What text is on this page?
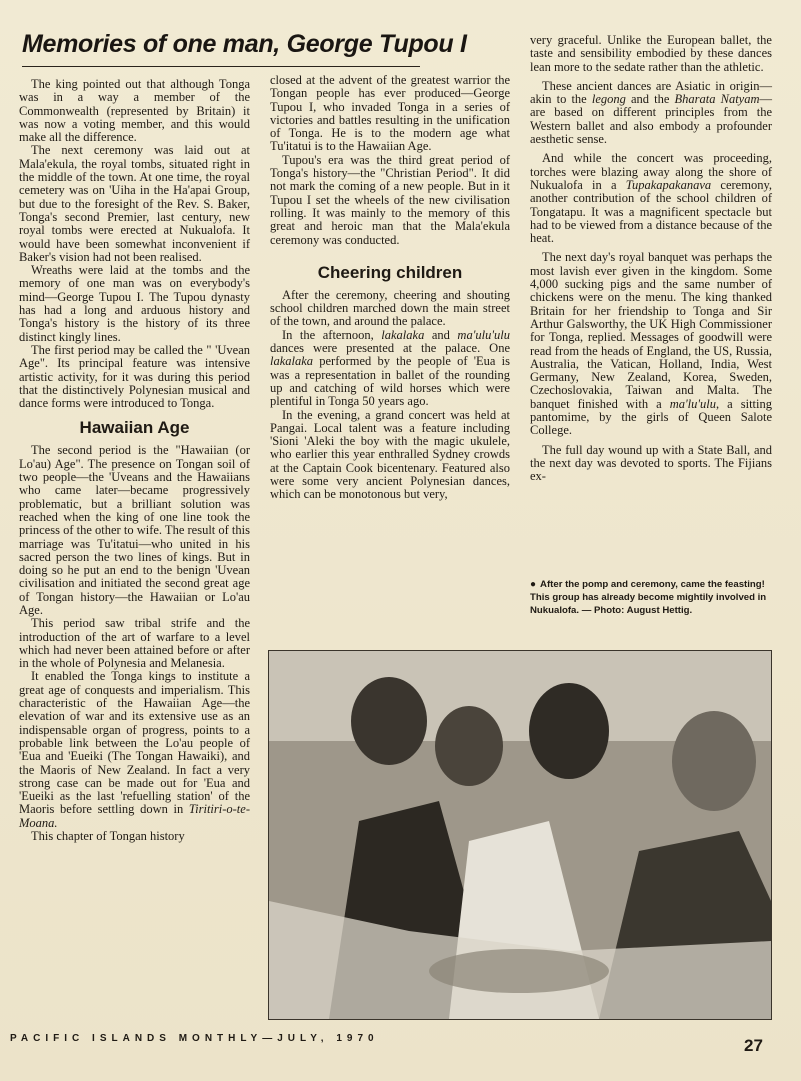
Memories of one man, George Tupou I

The king pointed out that although Tonga was in a way a member of the Commonwealth (represented by Britain) it was now a voting member, and this would make all the difference.

The next ceremony was laid out at Mala'ekula, the royal tombs, situated right in the middle of the town. At one time, the royal cemetery was on 'Uiha in the Ha'apai Group, but due to the foresight of the Rev. S. Baker, Tonga's second Premier, last century, new royal tombs were erected at Nukualofa. It would have been somewhat inconvenient if Baker's vision had not been realised.

Wreaths were laid at the tombs and the memory of one man was on everybody's mind—George Tupou I. The Tupou dynasty has had a long and arduous history and Tonga's history is the history of its three distinct kingly lines.

The first period may be called the " 'Uvean Age". Its principal feature was intensive artistic activity, for it was during this period that the distinctively Polynesian musical and dance forms were introduced to Tonga.

Hawaiian Age

The second period is the "Hawaiian (or Lo'au) Age". The presence on Tongan soil of two people—the 'Uveans and the Hawaiians who came later—became progressively problematic, but a brilliant solution was reached when the king of one line took the princess of the other to wife. The result of this marriage was Tu'itatui—who united in his sacred person the two lines of kings. But in doing so he put an end to the benign 'Uvean civilisation and initiated the second great age of Tongan history—the Hawaiian or Lo'au Age.

This period saw tribal strife and the introduction of the art of warfare to a level which had never been attained before or after in the whole of Polynesia and Melanesia.

It enabled the Tonga kings to institute a great age of conquests and imperialism. This characteristic of the Hawaiian Age—the elevation of war and its extensive use as an indispensable organ of progress, points to a probable link between the Lo'au people of 'Eua and 'Eueiki (The Tongan Hawaiki), and the Maoris of New Zealand. In fact a very strong case can be made out for 'Eua and 'Eueiki as the last 'refuelling station' of the Maoris before settling down in Tiritiri-o-te-Moana.

This chapter of Tongan history

closed at the advent of the greatest warrior the Tongan people has ever produced—George Tupou I, who invaded Tonga in a series of victories and battles resulting in the unification of Tonga. He is to the modern age what Tu'itatui is to the Hawaiian Age.

Tupou's era was the third great period of Tonga's history—the "Christian Period". It did not mark the coming of a new people. But in it Tupou I set the wheels of the new civilisation rolling. It was mainly to the memory of this great and heroic man that the Mala'ekula ceremony was conducted.

Cheering children

After the ceremony, cheering and shouting school children marched down the main street of the town, and around the palace.

In the afternoon, lakalaka and ma'ulu'ulu dances were presented at the palace. One lakalaka performed by the people of 'Eua is was a representation in ballet of the rounding up and catching of wild horses which were plentiful in Tonga 50 years ago.

In the evening, a grand concert was held at Pangai. Local talent was a feature including 'Sioni 'Aleki the boy with the magic ukulele, who earlier this year enthralled Sydney crowds at the Captain Cook bicentenary. Featured also were some very ancient Polynesian dances, which can be monotonous but very,

very graceful. Unlike the European ballet, the taste and sensibility embodied by these dances lean more to the sedate rather than the athletic.

These ancient dances are Asiatic in origin—akin to the legong and the Bharata Natyam—are based on different principles from the Western ballet and also embody a profounder aesthetic sense.

And while the concert was proceeding, torches were blazing away along the shore of Nukualofa in a Tupakapakanava ceremony, another contribution of the school children of Tongatapu. It was a magnificent spectacle but had to be viewed from a distance because of the heat.

The next day's royal banquet was perhaps the most lavish ever given in the kingdom. Some 4,000 sucking pigs and the same number of chickens were on the menu. The king thanked Britain for her friendship to Tonga and Sir Arthur Galsworthy, the UK High Commissioner for Tonga, replied. Messages of goodwill were read from the heads of England, the US, Russia, Australia, the Vatican, Holland, India, West Germany, New Zealand, Korea, Sweden, Czechoslovakia, Taiwan and Malta. The banquet finished with a ma'lu'ulu, a sitting pantomime, by the girls of Queen Salote College.

The full day wound up with a State Ball, and the next day was devoted to sports. The Fijians ex-

● After the pomp and ceremony, came the feasting! This group has already become mightily involved in Nukualofa. — Photo: August Hettig.
PACIFIC ISLANDS MONTHLY—JULY, 1970	27
